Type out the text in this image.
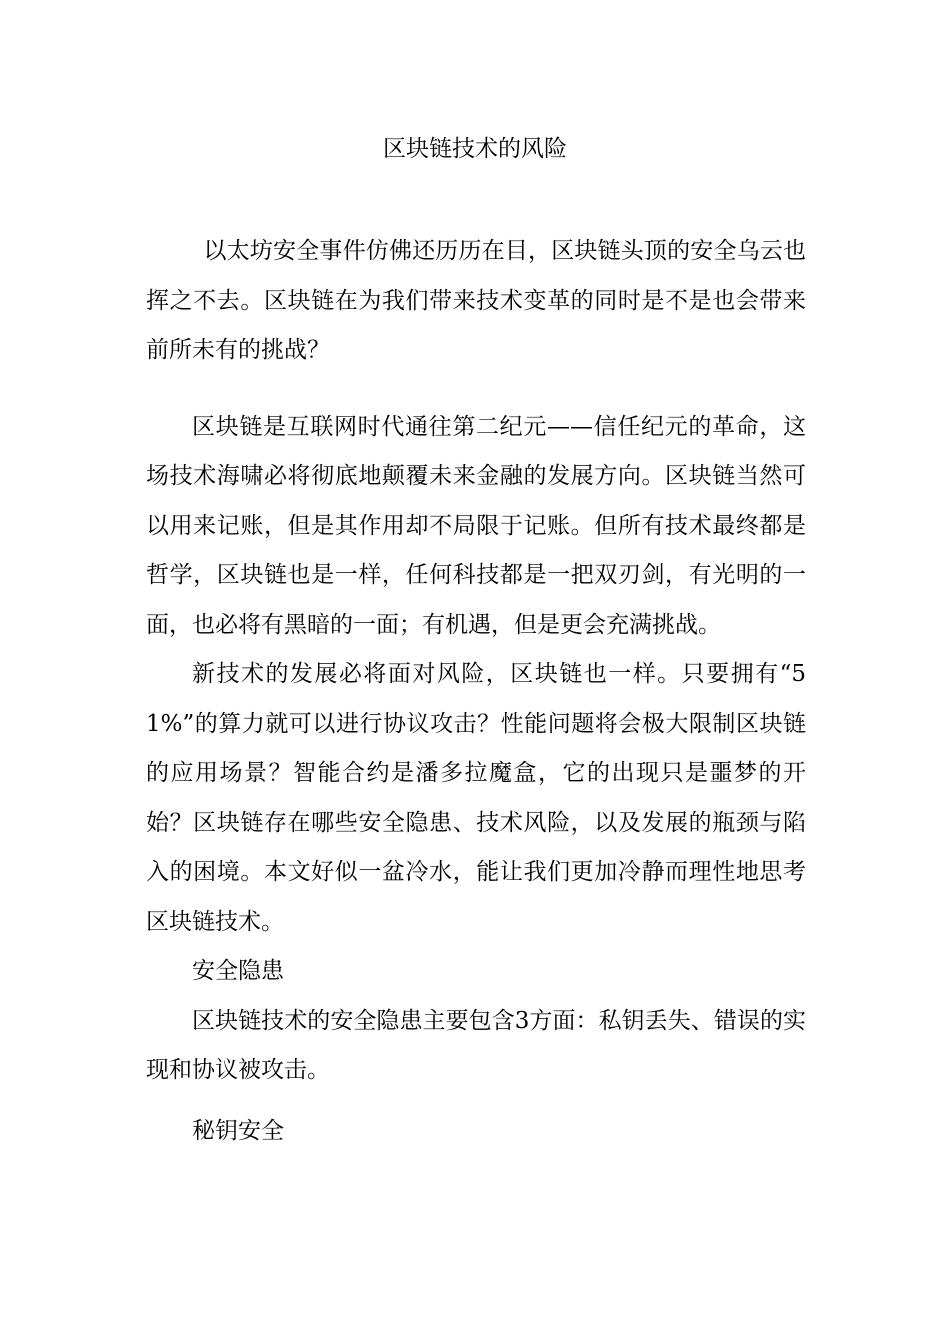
区块链技术的风险

以太坊安全事件仿佛还历历在目，区块链头顶的安全乌云也挥之不去。区块链在为我们带来技术变革的同时是不是也会带来前所未有的挑战？

区块链是互联网时代通往第二纪元——信任纪元的革命，这场技术海啸必将彻底地颠覆未来金融的发展方向。区块链当然可以用来记账，但是其作用却不局限于记账。但所有技术最终都是哲学，区块链也是一样，任何科技都是一把双刃剑，有光明的一面，也必将有黑暗的一面；有机遇，但是更会充满挑战。

新技术的发展必将面对风险，区块链也一样。只要拥有“51%”的算力就可以进行协议攻击？性能问题将会极大限制区块链的应用场景？智能合约是潘多拉魔盒，它的出现只是噩梦的开始？区块链存在哪些安全隐患、技术风险，以及发展的瓶颈与陷入的困境。本文好似一盆冷水，能让我们更加冷静而理性地思考区块链技术。

安全隐患

区块链技术的安全隐患主要包含3方面：私钥丢失、错误的实现和协议被攻击。

秘钥安全
